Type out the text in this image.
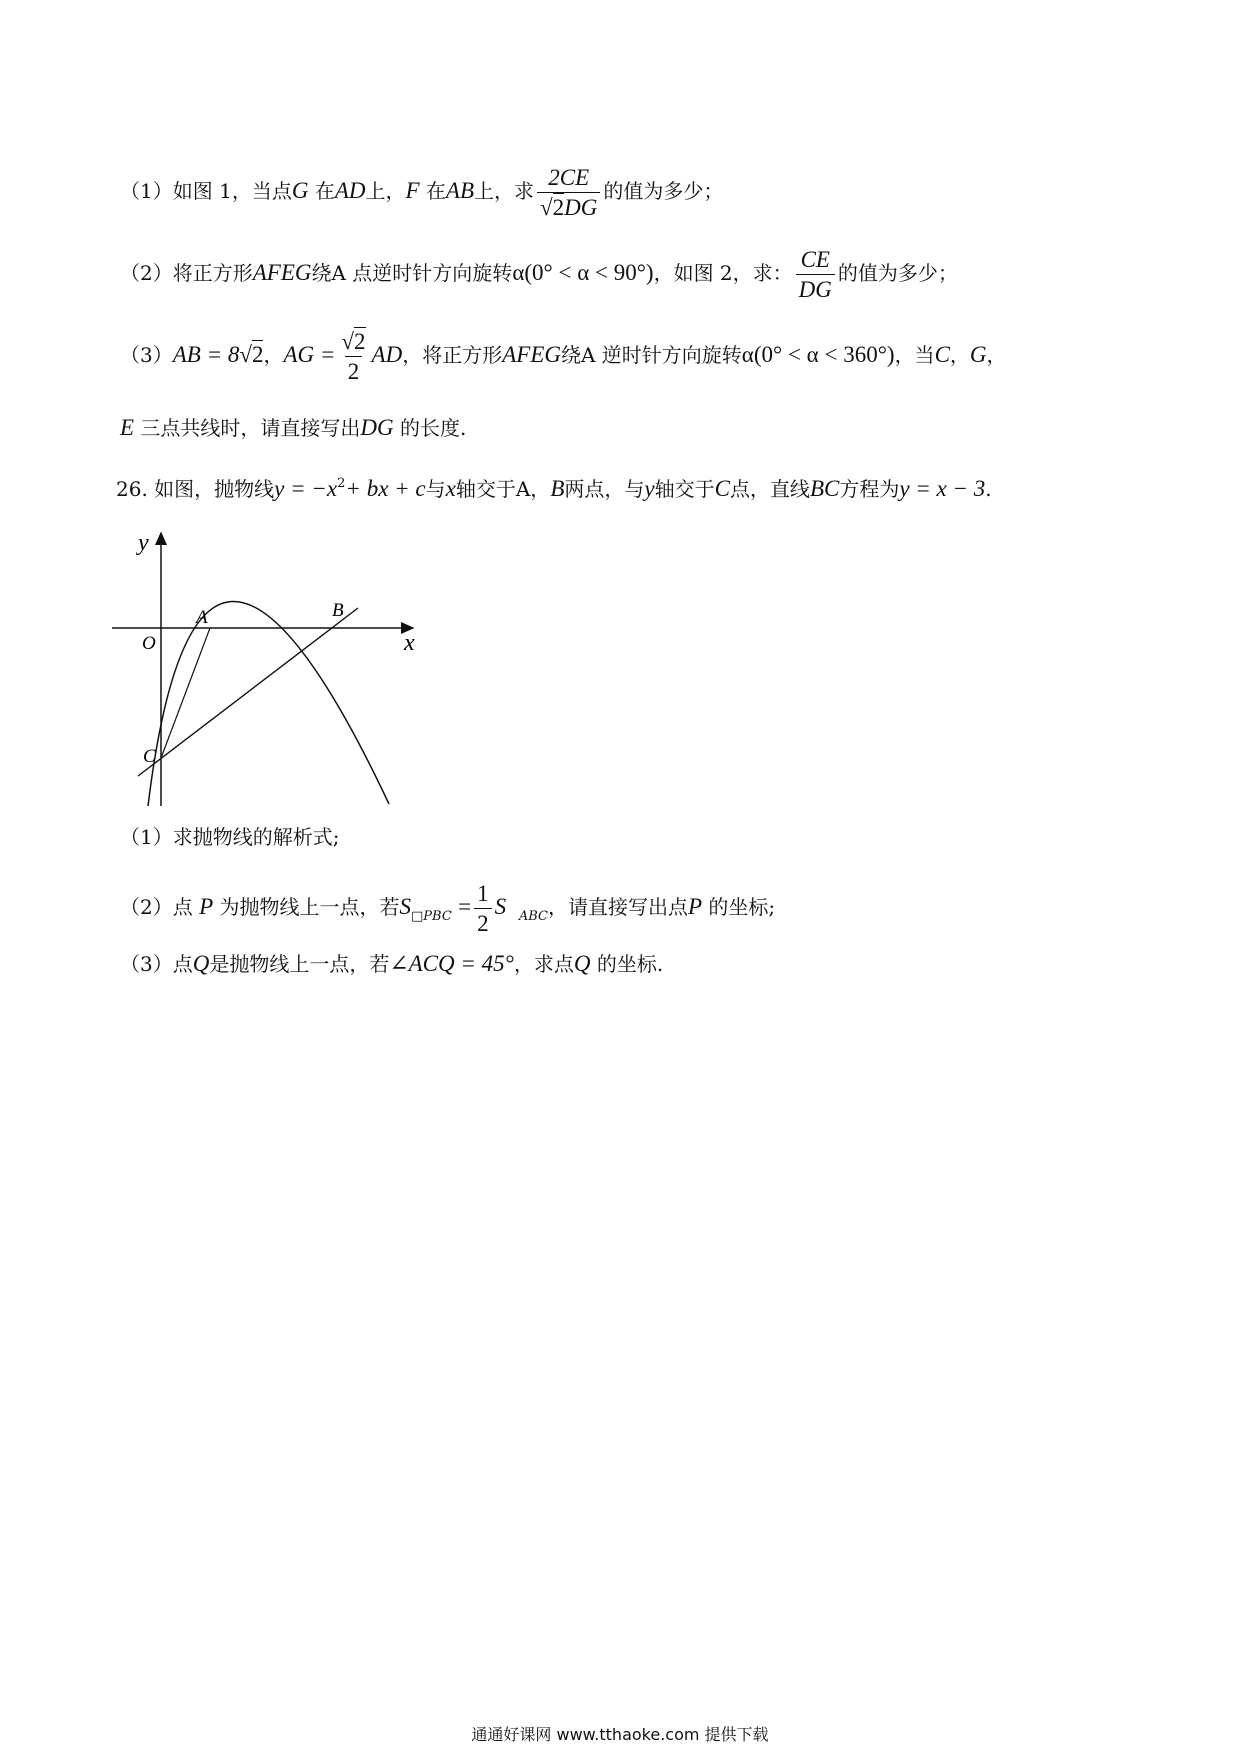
（1）如图 1，当点G 在AD上，F 在AB上，求 $\frac{2CE}{√2DG}$ 的值为多少；
（2）将正方形AFEG绕A 点逆时针方向旋转α(0° < α < 90°)，如图 2，求： $\frac{CE}{DG}$ 的值为多少；
（3）AB = 8√2，AG = $\frac{√2}{2}$ AD，将正方形AFEG绕A 逆时针方向旋转α(0° < α < 360°)，当C，G，
E 三点共线时，请直接写出DG 的长度.
26. 如图，抛物线$y = -x^2+$ bx + c与x轴交于A，B两点，与y轴交于C点，直线BC方程为y = x − 3.
y
x
O
A	B
C
（1）求抛物线的解析式;
（2）点 P 为抛物线上一点，若$S_{□PBC} = \frac{1}{2}$ S $_{ABC}$，请直接写出点P 的坐标;
（3）点Q是抛物线上一点，若∠ACQ = 45°，求点Q 的坐标.
通通好课网 www.tthaoke.com 提供下载
